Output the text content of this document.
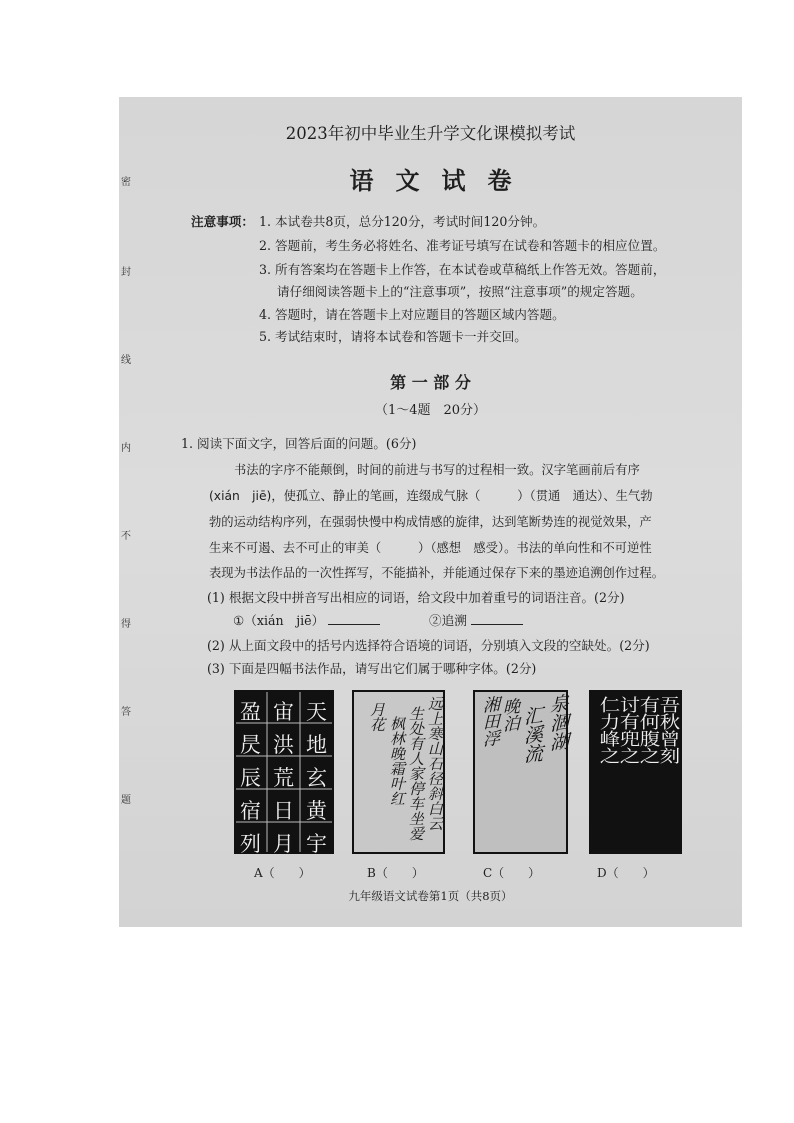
2023年初中毕业生升学文化课模拟考试
语文试卷
注意事项： 1. 本试卷共8页，总分120分，考试时间120分钟。
2. 答题前，考生务必将姓名、准考证号填写在试卷和答题卡的相应位置。
3. 所有答案均在答题卡上作答，在本试卷或草稿纸上作答无效。答题前，
请仔细阅读答题卡上的“注意事项”，按照“注意事项”的规定答题。
4. 答题时，请在答题卡上对应题目的答题区域内答题。
5. 考试结束时，请将本试卷和答题卡一并交回。
第 一 部 分
（1～4题　20分）
1. 阅读下面文字，回答后面的问题。(6分)
书法的字序不能颠倒，时间的前进与书写的过程相一致。汉字笔画前后有序
(xián　jiē)，使孤立、静止的笔画，连缀成气脉（　　　）（贯通　通达）、生气勃
勃的运动结构序列，在强弱快慢中构成情感的旋律，达到笔断势连的视觉效果，产
生来不可遏、去不可止的审美（　　　）（感想　感受）。书法的单向性和不可逆性
表现为书法作品的一次性挥写，不能描补，并能通过保存下来的墨迹追溯创作过程。
(1) 根据文段中拼音写出相应的词语，给文段中加着重号的词语注音。(2分)
①（xián　jiē）	②追溯
(2) 从上面文段中的括号内选择符合语境的词语，分别填入文段的空缺处。(2分)
(3) 下面是四幅书法作品，请写出它们属于哪种字体。(2分)
天
地
玄
黄
宇
宙
洪
荒
日
月
盈
昃
辰
宿
列
远上寒山石径斜白云
生处有人家停车坐爱
枫林晚霜叶红
月花	泉涸湖
汇溪流
晚泊
湘田浮	吾秋曾刻
有何腹之
讨有兜之
仁力峰之
A（　　）	B（　　）	C（　　）	D（　　）
九年级语文试卷第1页（共8页）
密
封
线
内
不
得
答
题
